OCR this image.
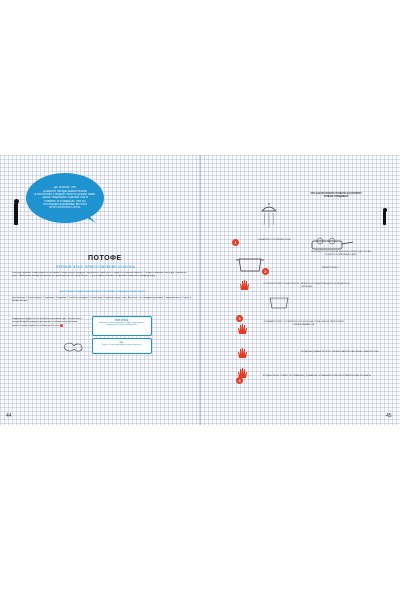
ДА, Я ЗНАЮ, ЧТО
НАМНОГО ПРОЩЕ ЗАКИНУТЬ ВСЁ
В КАСТРЮЛЮ С ВОДОЙ. ПРОСТО СКАЖИ СЕБЕ:
«ДАНЬ ТРАДИЦИИ» И ДЕЛАЙ, КАК Я
ГОВОРЮ. И Я ОБЕЩАЮ, ЧТО ТЫ
ОСТАНЕШЬСЯ ДОВОЛЕН ВКУСОМ
ЭТОГО ПРОСТОГО СУПА.
ПОТОФЕ
ПЕРВЫЙ ЭТАП: ПРИГОТОВЛЕНИЕ БУЛЬОНА
Эти очень древнее блюдо родом из тех времён, когда разные продукты складывали в один котёл с водой и оставляли томиться. Отсюда и название: пот-о-фё, «горшок на огне». Приготовьте потофе правильно: не нужно бросать всё сразу. Вкусно — для каждого наличие, не бросайте сразу всё в холодную воду.
НАШ ПЕРВЫЙ ПОДДЕРЖКА ПРИНЯТЬ ОСНОВАНИЕ: «ТРАДИЦИОННЫЙ РЕЦЕПТ»
Для бульона: 1 белый корень, 1 луковица, 2 моркови, 1 стебель сельдерея, 1 пучок трав, 5 горошин перца, соль. Для мяса: 1 кг говядины для варки, 1 мозговая кость, 2 лука, 1 зубчик чеснока.
Подрумяньте фрукт после обработки половинки лука. Залейте мясо холодной водой, доведите до кипения и снимите пену. Добавьте корень и травы, варите на слабом огне 3 часа. 1
ВОТ И ВСЁ
Вкусный бульон получается тогда, когда варится медленно на очень слабом огне.
Ну...
Вкусно, если приготовить бульон заранее.
44
ЧТО ЗНАЧИТ ВАРИТЬ ПОЛНУЮ КАСТРЮЛЮ? ТОЛЬКО ГОВЯДИНЫ!
1	ОБЖАРЬТЕ ПОЛОВИНКИ ЛУКА
ПОЛОЖИТЕ ЛУК СРЕЗОМ ВНИЗ НА СКОВОРОДУ, ЧТОБЫ ПОЯВИЛСЯ КРАСИВЫЙ ЦВЕТ.
2
ЗАЛЕЙТЕ МЯСО
ПОЛОЖИТЕ МЯСО В КАСТРЮЛЮ, ЗАЛЕЙТЕ ХОЛОДНОЙ ВОДОЙ И ДОВЕДИТЕ ДО КИПЕНИЯ.
3
СНИМАЙТЕ ПЕНУ С ПОВЕРХНОСТИ БУЛЬОНА, ПОКА ОНА НЕ ПЕРЕСТАНЕТ ОБРАЗОВЫВАТЬСЯ.
КОГДА ВЫ ДОБАВИТЕ ЛУК И ОВОЩИ, ВАРИТЕ НА ОЧЕНЬ СЛАБОМ ОГНЕ.
4
КОГДА БУЛЬОН СТАНЕТ ПРОЗРАЧНЫМ, ДОБАВЬТЕ ОСТАВШИЕСЯ ОВОЩИ И ВАРИТЕ ЕЩЁ ПОЛЧАСА.
45
